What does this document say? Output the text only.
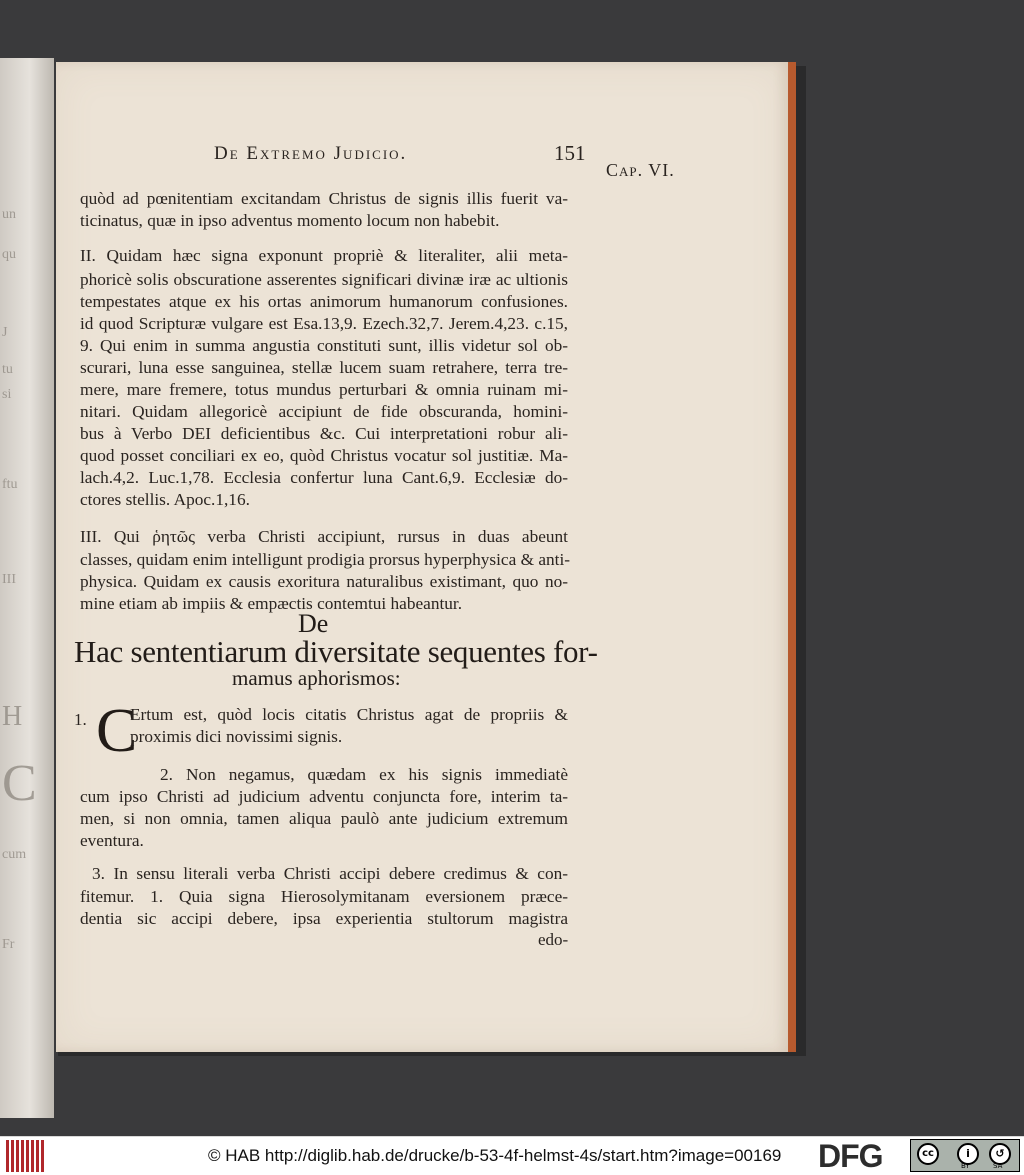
un
qu
J
tu
si
ftu
III
H
C
cum
Fr
De Extremo Judicio.	151
Cap. VI.
quòd ad pœnitentiam excitandam Christus de signis illis fuerit va-
ticinatus, quæ in ipso adventus momento locum non habebit.
II. Quidam hæc signa exponunt propriè & literaliter, alii meta-
phoricè solis obscuratione asserentes significari divinæ iræ ac ultionis
tempestates atque ex his ortas animorum humanorum confusiones.
id quod Scripturæ vulgare est Esa.13,9. Ezech.32,7. Jerem.4,23. c.15,
9. Qui enim in summa angustia constituti sunt, illis videtur sol ob-
scurari, luna esse sanguinea, stellæ lucem suam retrahere, terra tre-
mere, mare fremere, totus mundus perturbari & omnia ruinam mi-
nitari. Quidam allegoricè accipiunt de fide obscuranda, homini-
bus à Verbo DEI deficientibus &c. Cui interpretationi robur ali-
quod posset conciliari ex eo, quòd Christus vocatur sol justitiæ. Ma-
lach.4,2. Luc.1,78. Ecclesia confertur luna Cant.6,9. Ecclesiæ do-
ctores stellis. Apoc.1,16.
III. Qui ῥητῶς verba Christi accipiunt, rursus in duas abeunt
classes, quidam enim intelligunt prodigia prorsus hyperphysica & anti-
physica. Quidam ex causis exoritura naturalibus existimant, quo no-
mine etiam ab impiis & empæctis contemtui habeantur.
De
Hac sententiarum diversitate sequentes for-
mamus aphorismos:
1. C
Ertum est, quòd locis citatis Christus agat de propriis &
proximis dici novissimi signis.
2. Non negamus, quædam ex his signis immediatè
cum ipso Christi ad judicium adventu conjuncta fore, interim ta-
men, si non omnia, tamen aliqua paulò ante judicium extremum
eventura.
3. In sensu literali verba Christi accipi debere credimus & con-
fitemur. 1. Quia signa Hierosolymitanam eversionem præce-
dentia sic accipi debere, ipsa experientia stultorum magistra
edo-
© HAB http://diglib.hab.de/drucke/b-53-4f-helmst-4s/start.htm?image=00169 DFG	cc	i	↺
BY	SA
